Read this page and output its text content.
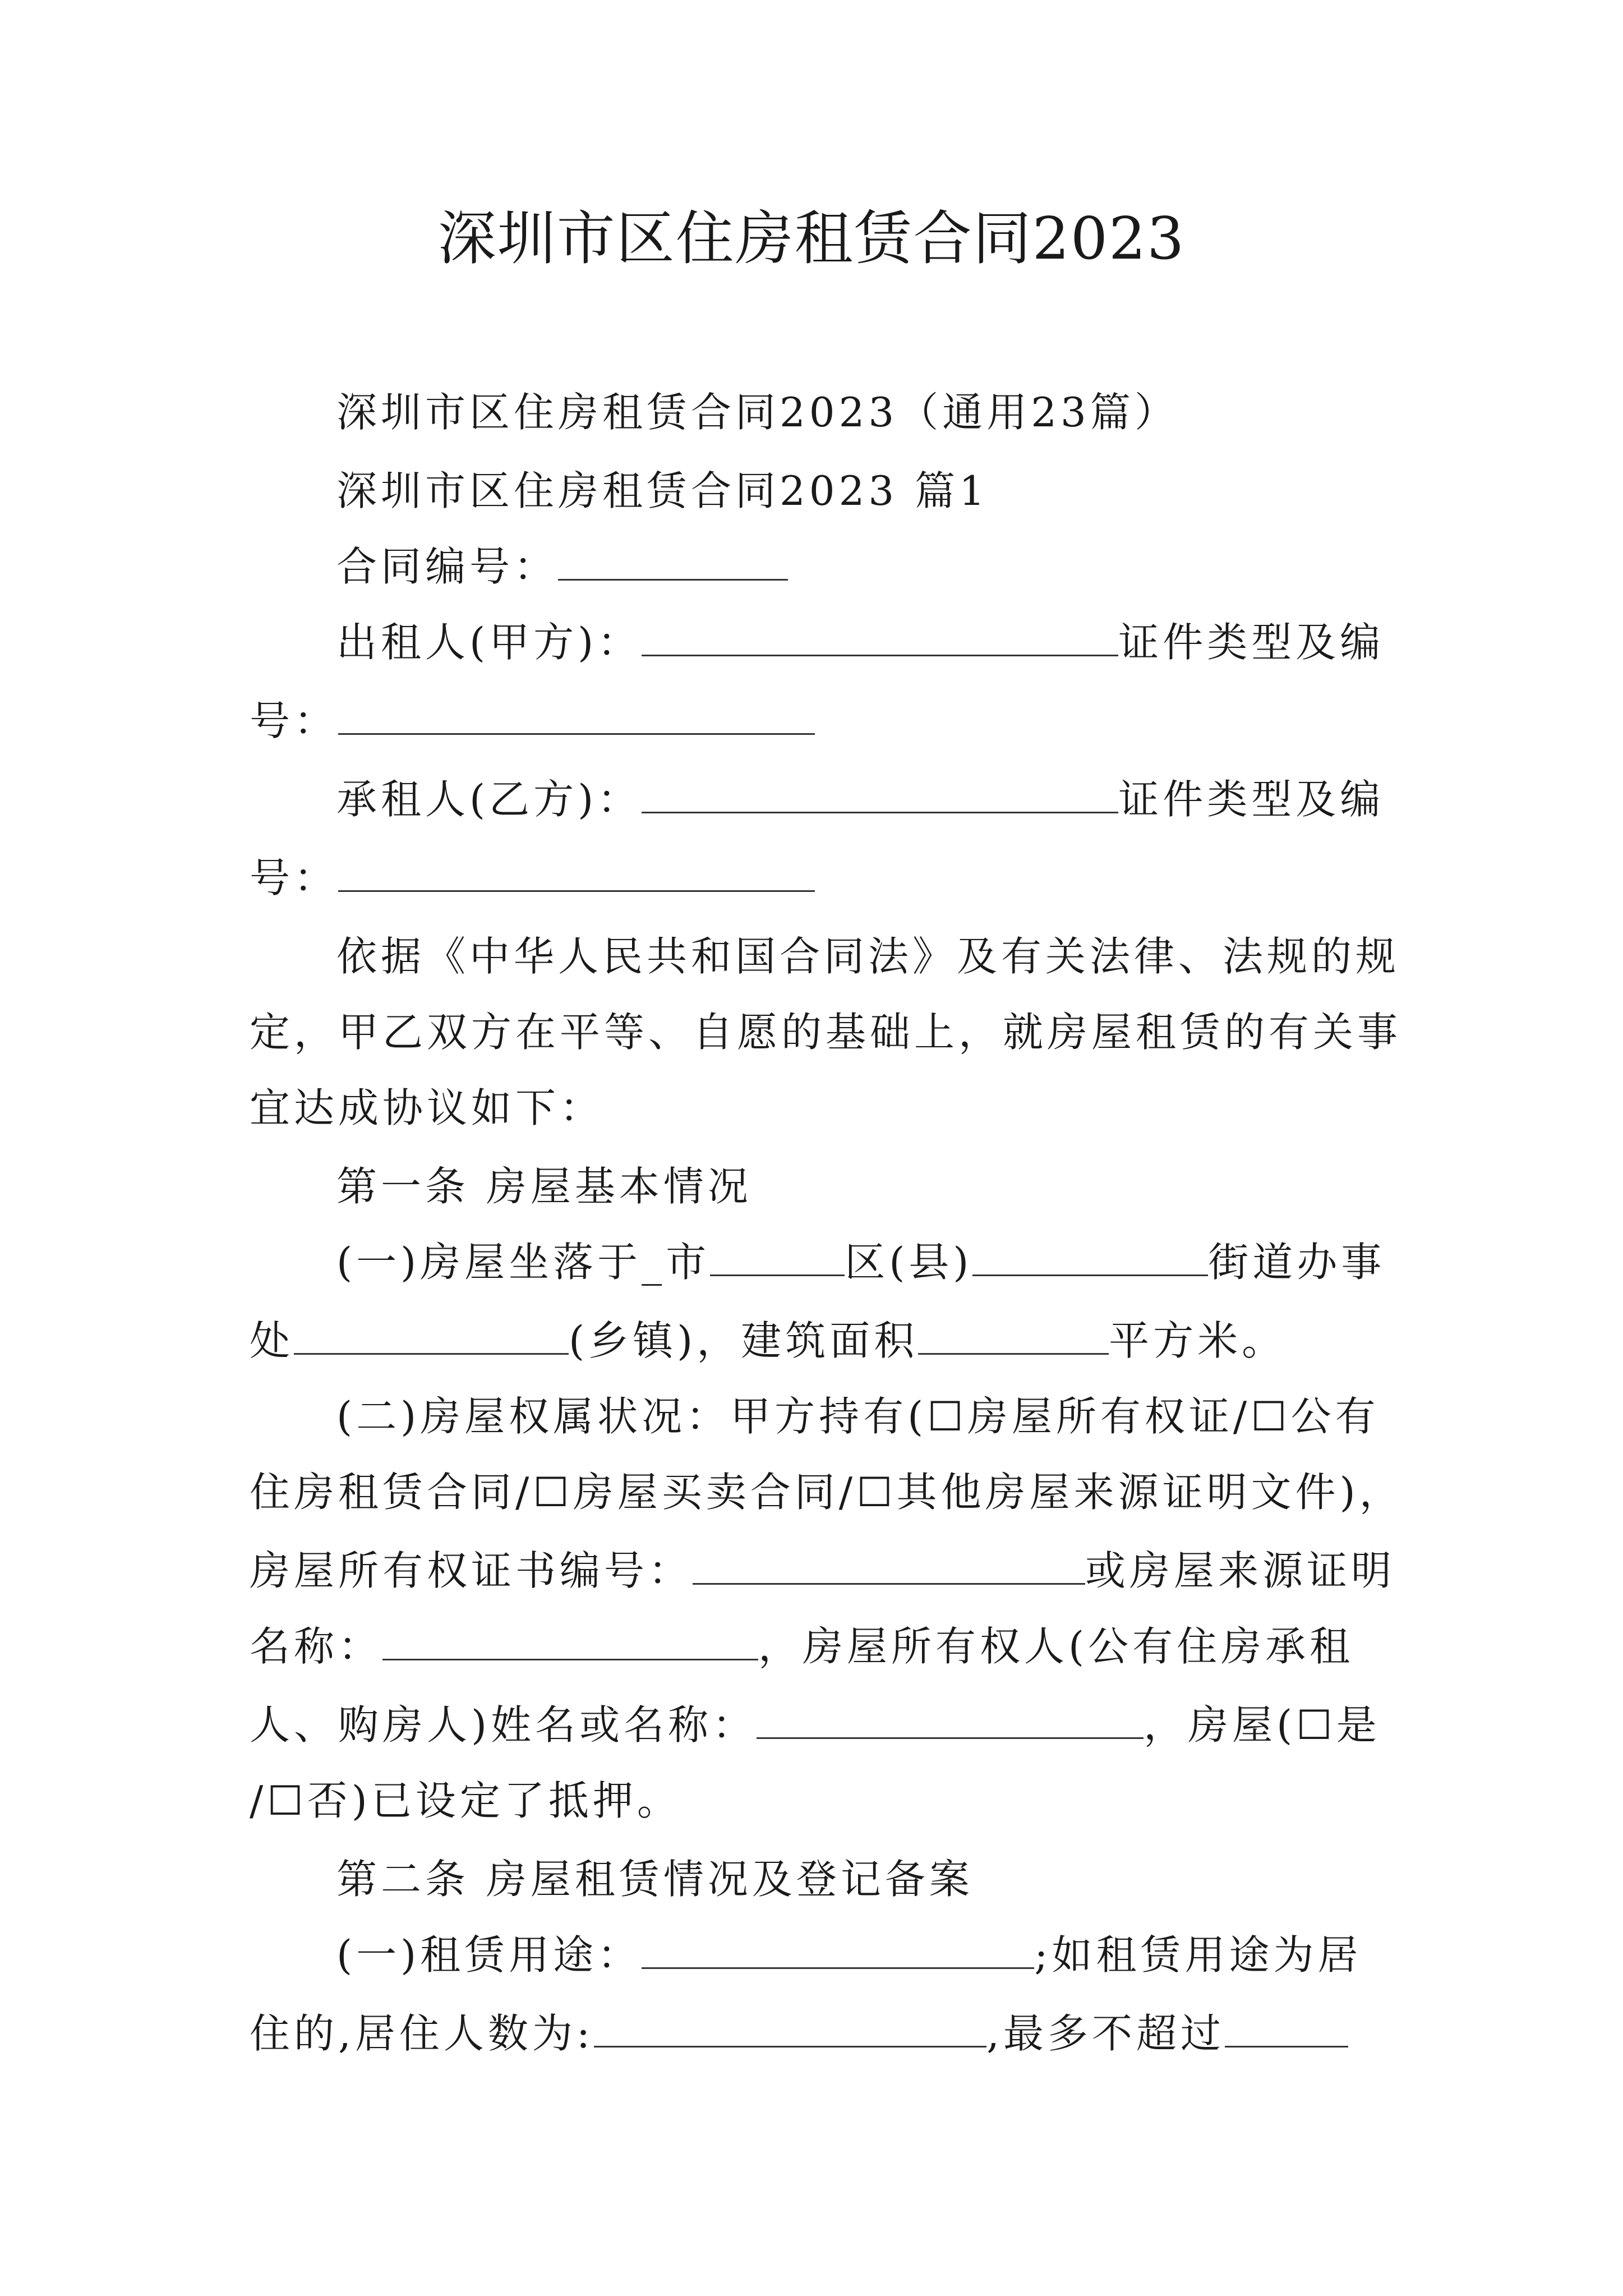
深圳市区住房租赁合同2023
深圳市区住房租赁合同2023（通用23篇）
深圳市区住房租赁合同2023 篇1
合同编号：
出租人(甲方)：	证件类型及编
号：
承租人(乙方)：	证件类型及编
号：
依据《中华人民共和国合同法》及有关法律、法规的规
定，甲乙双方在平等、自愿的基础上，就房屋租赁的有关事
宜达成协议如下：
第一条 房屋基本情况
(一)房屋坐落于_市	区(县)	街道办事
处	(乡镇)，建筑面积	平方米。
(二)房屋权属状况：甲方持有(☐房屋所有权证/☐公有
住房租赁合同/☐房屋买卖合同/☐其他房屋来源证明文件)，
房屋所有权证书编号：	或房屋来源证明
名称：	，房屋所有权人(公有住房承租
人、购房人)姓名或名称：	，房屋(☐是
/☐否)已设定了抵押。
第二条 房屋租赁情况及登记备案
(一)租赁用途：	;如租赁用途为居
住的,居住人数为:	,最多不超过
